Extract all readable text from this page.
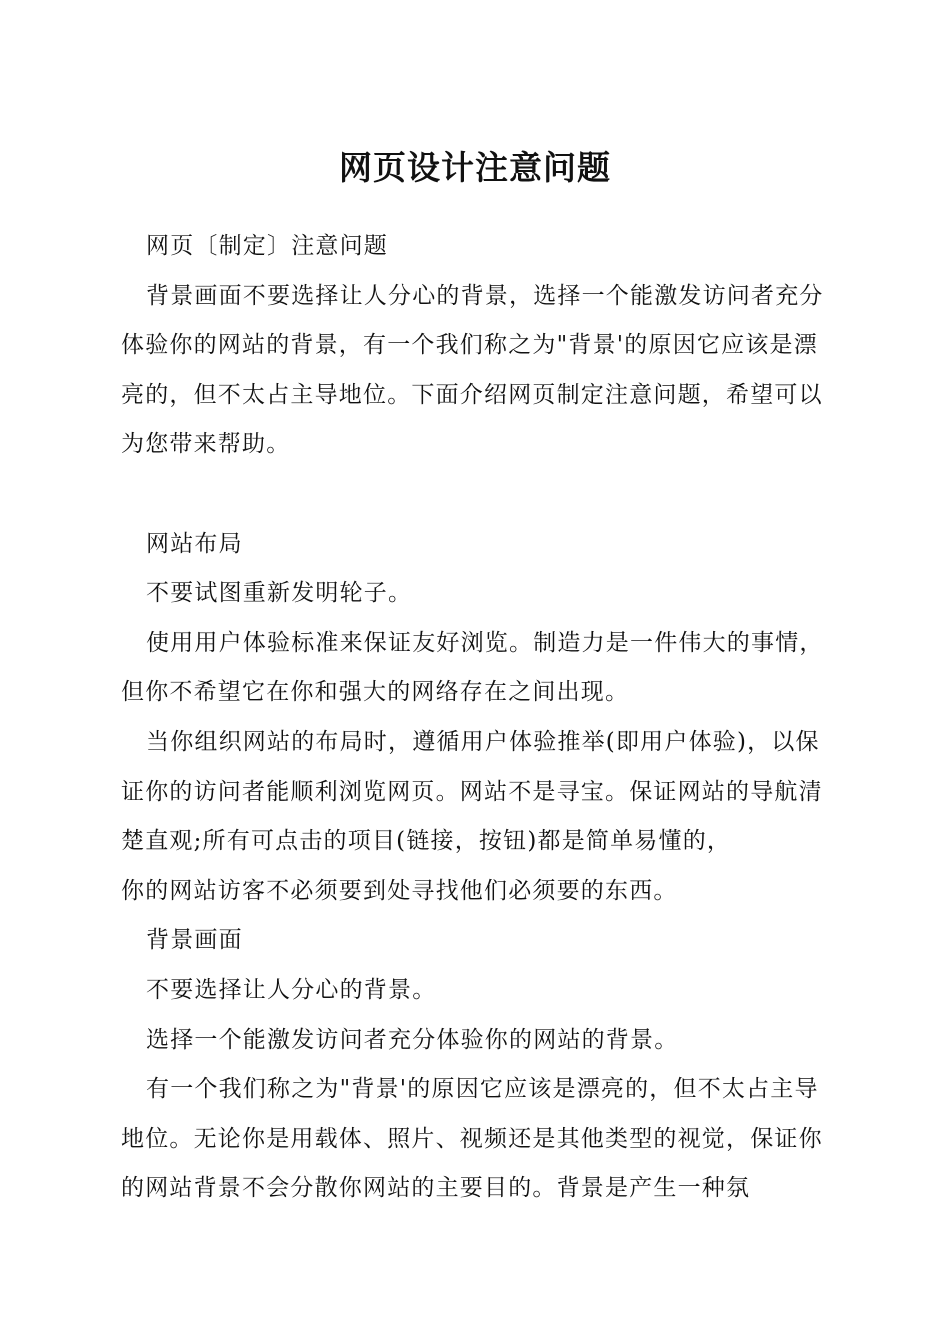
网页设计注意问题

网页〔制定〕注意问题

背景画面不要选择让人分心的背景，选择一个能激发访问者充分体验你的网站的背景，有一个我们称之为"背景'的原因它应该是漂亮的，但不太占主导地位。下面介绍网页制定注意问题，希望可以为您带来帮助。

网站布局

不要试图重新发明轮子。

使用用户体验标准来保证友好浏览。制造力是一件伟大的事情，但你不希望它在你和强大的网络存在之间出现。

当你组织网站的布局时，遵循用户体验推举(即用户体验)，以保证你的访问者能顺利浏览网页。网站不是寻宝。保证网站的导航清楚直观;所有可点击的项目(链接，按钮)都是简单易懂的，

你的网站访客不必须要到处寻找他们必须要的东西。

背景画面

不要选择让人分心的背景。

选择一个能激发访问者充分体验你的网站的背景。

有一个我们称之为"背景'的原因它应该是漂亮的，但不太占主导地位。无论你是用载体、照片、视频还是其他类型的视觉，保证你的网站背景不会分散你网站的主要目的。背景是产生一种氛
